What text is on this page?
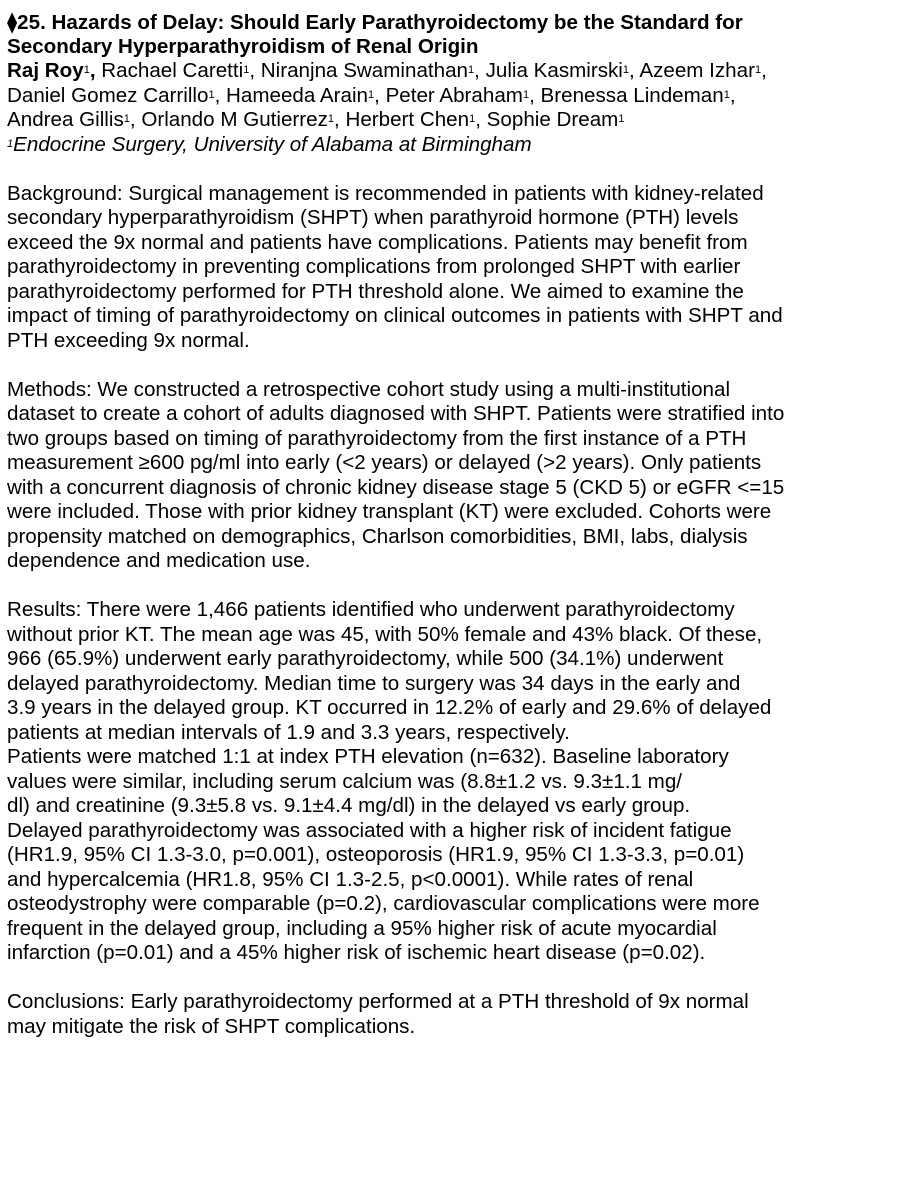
⧫25. Hazards of Delay: Should Early Parathyroidectomy be the Standard for
Secondary Hyperparathyroidism of Renal Origin
Raj Roy$^1$, Rachael Caretti$^1$, Niranjna Swaminathan$^1$, Julia Kasmirski$^1$, Azeem Izhar$^1$,
Daniel Gomez Carrillo$^1$, Hameeda Arain$^1$, Peter Abraham$^1$, Brenessa Lindeman$^1$,
Andrea Gillis$^1$, Orlando M Gutierrez$^1$, Herbert Chen$^1$, Sophie Dream$^1$
$^1$Endocrine Surgery, University of Alabama at Birmingham
Background: Surgical management is recommended in patients with kidney-related
secondary hyperparathyroidism (SHPT) when parathyroid hormone (PTH) levels
exceed the 9x normal and patients have complications. Patients may benefit from
parathyroidectomy in preventing complications from prolonged SHPT with earlier
parathyroidectomy performed for PTH threshold alone. We aimed to examine the
impact of timing of parathyroidectomy on clinical outcomes in patients with SHPT and
PTH exceeding 9x normal.
Methods: We constructed a retrospective cohort study using a multi-institutional
dataset to create a cohort of adults diagnosed with SHPT. Patients were stratified into
two groups based on timing of parathyroidectomy from the first instance of a PTH
measurement ≥600 pg/ml into early (<2 years) or delayed (>2 years). Only patients
with a concurrent diagnosis of chronic kidney disease stage 5 (CKD 5) or eGFR <=15
were included. Those with prior kidney transplant (KT) were excluded. Cohorts were
propensity matched on demographics, Charlson comorbidities, BMI, labs, dialysis
dependence and medication use.
Results: There were 1,466 patients identified who underwent parathyroidectomy
without prior KT. The mean age was 45, with 50% female and 43% black. Of these,
966 (65.9%) underwent early parathyroidectomy, while 500 (34.1%) underwent
delayed parathyroidectomy. Median time to surgery was 34 days in the early and
3.9 years in the delayed group. KT occurred in 12.2% of early and 29.6% of delayed
patients at median intervals of 1.9 and 3.3 years, respectively.
Patients were matched 1:1 at index PTH elevation (n=632). Baseline laboratory
values were similar, including serum calcium was (8.8±1.2 vs. 9.3±1.1 mg/
dl) and creatinine (9.3±5.8 vs. 9.1±4.4 mg/dl) in the delayed vs early group.
Delayed parathyroidectomy was associated with a higher risk of incident fatigue
(HR1.9, 95% CI 1.3-3.0, p=0.001), osteoporosis (HR1.9, 95% CI 1.3-3.3, p=0.01)
and hypercalcemia (HR1.8, 95% CI 1.3-2.5, p<0.0001). While rates of renal
osteodystrophy were comparable (p=0.2), cardiovascular complications were more
frequent in the delayed group, including a 95% higher risk of acute myocardial
infarction (p=0.01) and a 45% higher risk of ischemic heart disease (p=0.02).
Conclusions: Early parathyroidectomy performed at a PTH threshold of 9x normal
may mitigate the risk of SHPT complications.
